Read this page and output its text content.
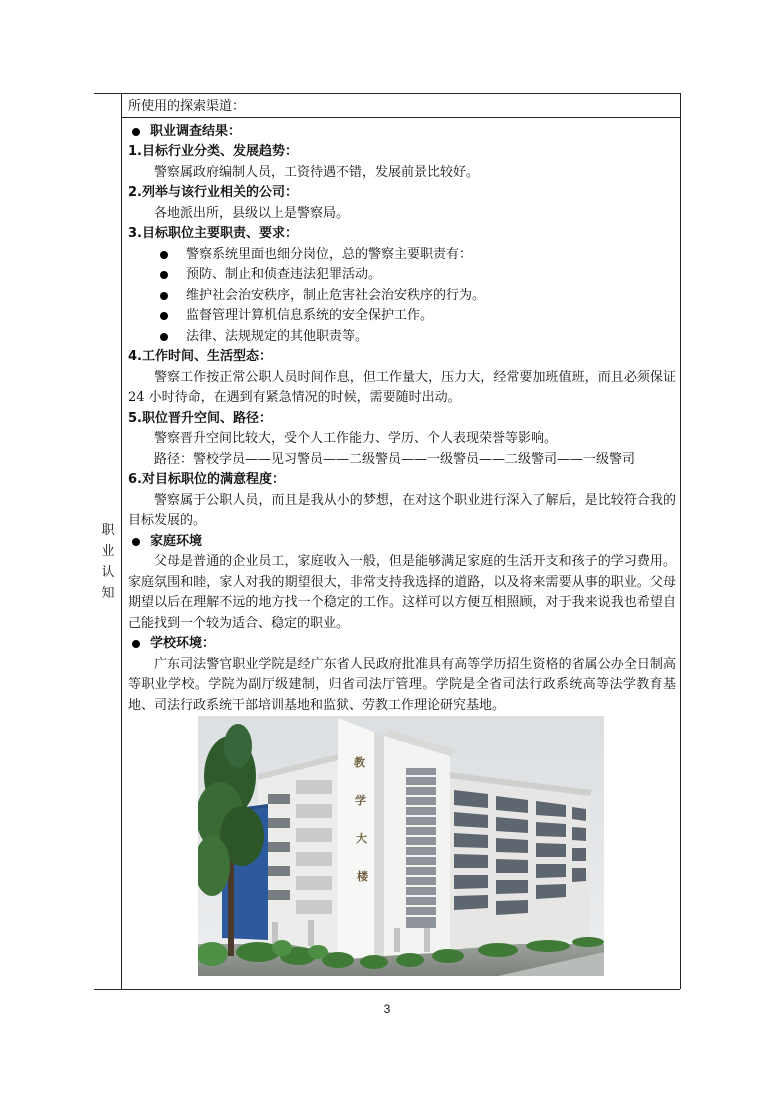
职
业
认
知
所使用的探索渠道：
职业调查结果：
1.目标行业分类、发展趋势：
警察属政府编制人员，工资待遇不错，发展前景比较好。
2.列举与该行业相关的公司：
各地派出所，县级以上是警察局。
3.目标职位主要职责、要求：
警察系统里面也细分岗位，总的警察主要职责有：
预防、制止和侦查违法犯罪活动。
维护社会治安秩序，制止危害社会治安秩序的行为。
监督管理计算机信息系统的安全保护工作。
法律、法规规定的其他职责等。
4.工作时间、生活型态：
警察工作按正常公职人员时间作息，但工作量大，压力大，经常要加班值班，而且必须保证 24 小时待命，在遇到有紧急情况的时候，需要随时出动。
5.职位晋升空间、路径：
警察晋升空间比较大，受个人工作能力、学历、个人表现荣誉等影响。
路径：警校学员——见习警员——二级警员——一级警员——二级警司——一级警司
6.对目标职位的满意程度：
警察属于公职人员，而且是我从小的梦想，在对这个职业进行深入了解后，是比较符合我的目标发展的。
家庭环境
父母是普通的企业员工，家庭收入一般，但是能够满足家庭的生活开支和孩子的学习费用。家庭氛围和睦，家人对我的期望很大，非常支持我选择的道路，以及将来需要从事的职业。父母期望以后在理解不远的地方找一个稳定的工作。这样可以方便互相照顾，对于我来说我也希望自己能找到一个较为适合、稳定的职业。
学校环境：
广东司法警官职业学院是经广东省人民政府批准具有高等学历招生资格的省属公办全日制高等职业学校。学院为副厅级建制，归省司法厅管理。学院是全省司法行政系统高等法学教育基地、司法行政系统干部培训基地和监狱、劳教工作理论研究基地。
教
学
大
楼
3
